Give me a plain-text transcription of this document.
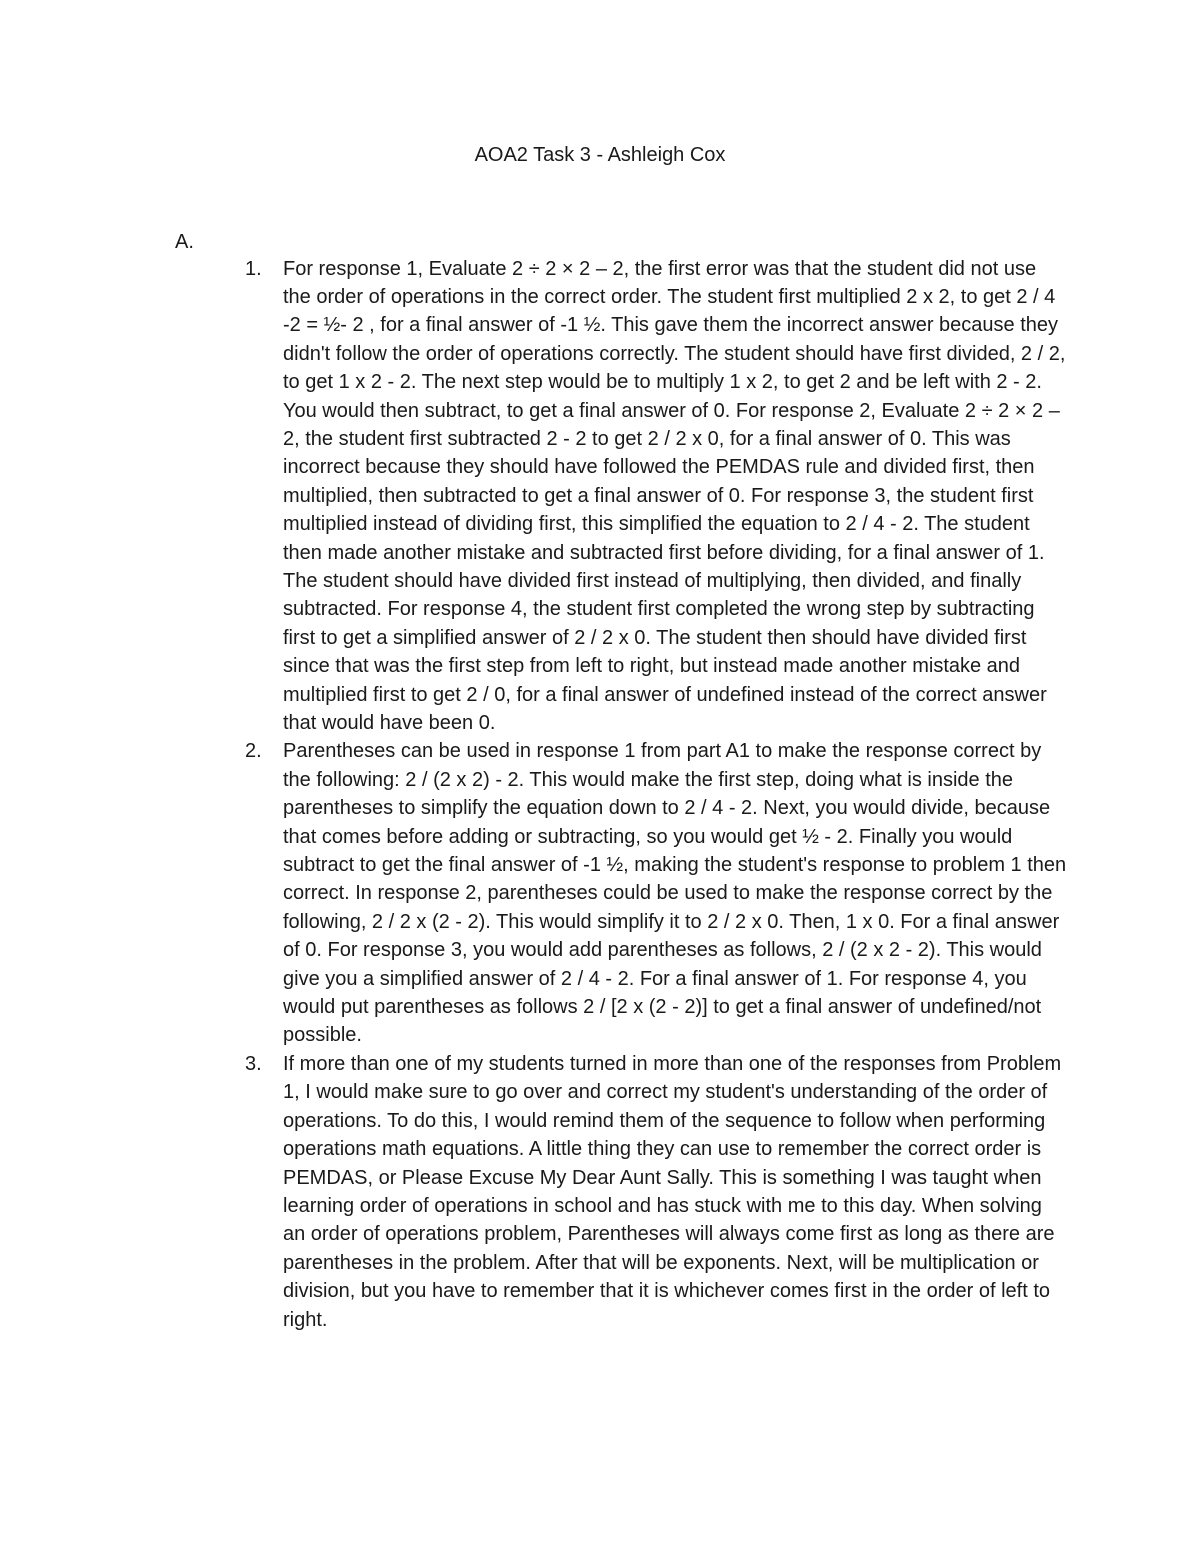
AOA2 Task 3 - Ashleigh Cox
A.
1. For response 1, Evaluate 2 ÷ 2 × 2 – 2, the first error was that the student did not use the order of operations in the correct order. The student first multiplied 2 x 2, to get 2 / 4 -2 = ½- 2 , for a final answer of -1 ½. This gave them the incorrect answer because they didn't follow the order of operations correctly. The student should have first divided, 2 / 2, to get 1 x 2 - 2. The next step would be to multiply 1 x 2, to get 2 and be left with 2 - 2. You would then subtract, to get a final answer of 0. For response 2, Evaluate 2 ÷ 2 × 2 – 2, the student first subtracted 2 - 2 to get 2 / 2 x 0, for a final answer of 0. This was incorrect because they should have followed the PEMDAS rule and divided first, then multiplied, then subtracted to get a final answer of 0. For response 3, the student first multiplied instead of dividing first, this simplified the equation to 2 / 4 - 2. The student then made another mistake and subtracted first before dividing, for a final answer of 1. The student should have divided first instead of multiplying, then divided, and finally subtracted. For response 4, the student first completed the wrong step by subtracting first to get a simplified answer of 2 / 2 x 0. The student then should have divided first since that was the first step from left to right, but instead made another mistake and multiplied first to get 2 / 0, for a final answer of undefined instead of the correct answer that would have been 0.

2. Parentheses can be used in response 1 from part A1 to make the response correct by the following: 2 / (2 x 2) - 2. This would make the first step, doing what is inside the parentheses to simplify the equation down to 2 / 4 - 2. Next, you would divide, because that comes before adding or subtracting, so you would get ½ - 2. Finally you would subtract to get the final answer of -1 ½, making the student's response to problem 1 then correct. In response 2, parentheses could be used to make the response correct by the following, 2 / 2 x (2 - 2). This would simplify it to 2 / 2 x 0. Then, 1 x 0. For a final answer of 0. For response 3, you would add parentheses as follows, 2 / (2 x 2 - 2). This would give you a simplified answer of 2 / 4 - 2. For a final answer of 1. For response 4, you would put parentheses as follows 2 / [2 x (2 - 2)] to get a final answer of undefined/not possible.

3. If more than one of my students turned in more than one of the responses from Problem 1, I would make sure to go over and correct my student's understanding of the order of operations. To do this, I would remind them of the sequence to follow when performing operations math equations. A little thing they can use to remember the correct order is PEMDAS, or Please Excuse My Dear Aunt Sally. This is something I was taught when learning order of operations in school and has stuck with me to this day. When solving an order of operations problem, Parentheses will always come first as long as there are parentheses in the problem. After that will be exponents. Next, will be multiplication or division, but you have to remember that it is whichever comes first in the order of left to right.
